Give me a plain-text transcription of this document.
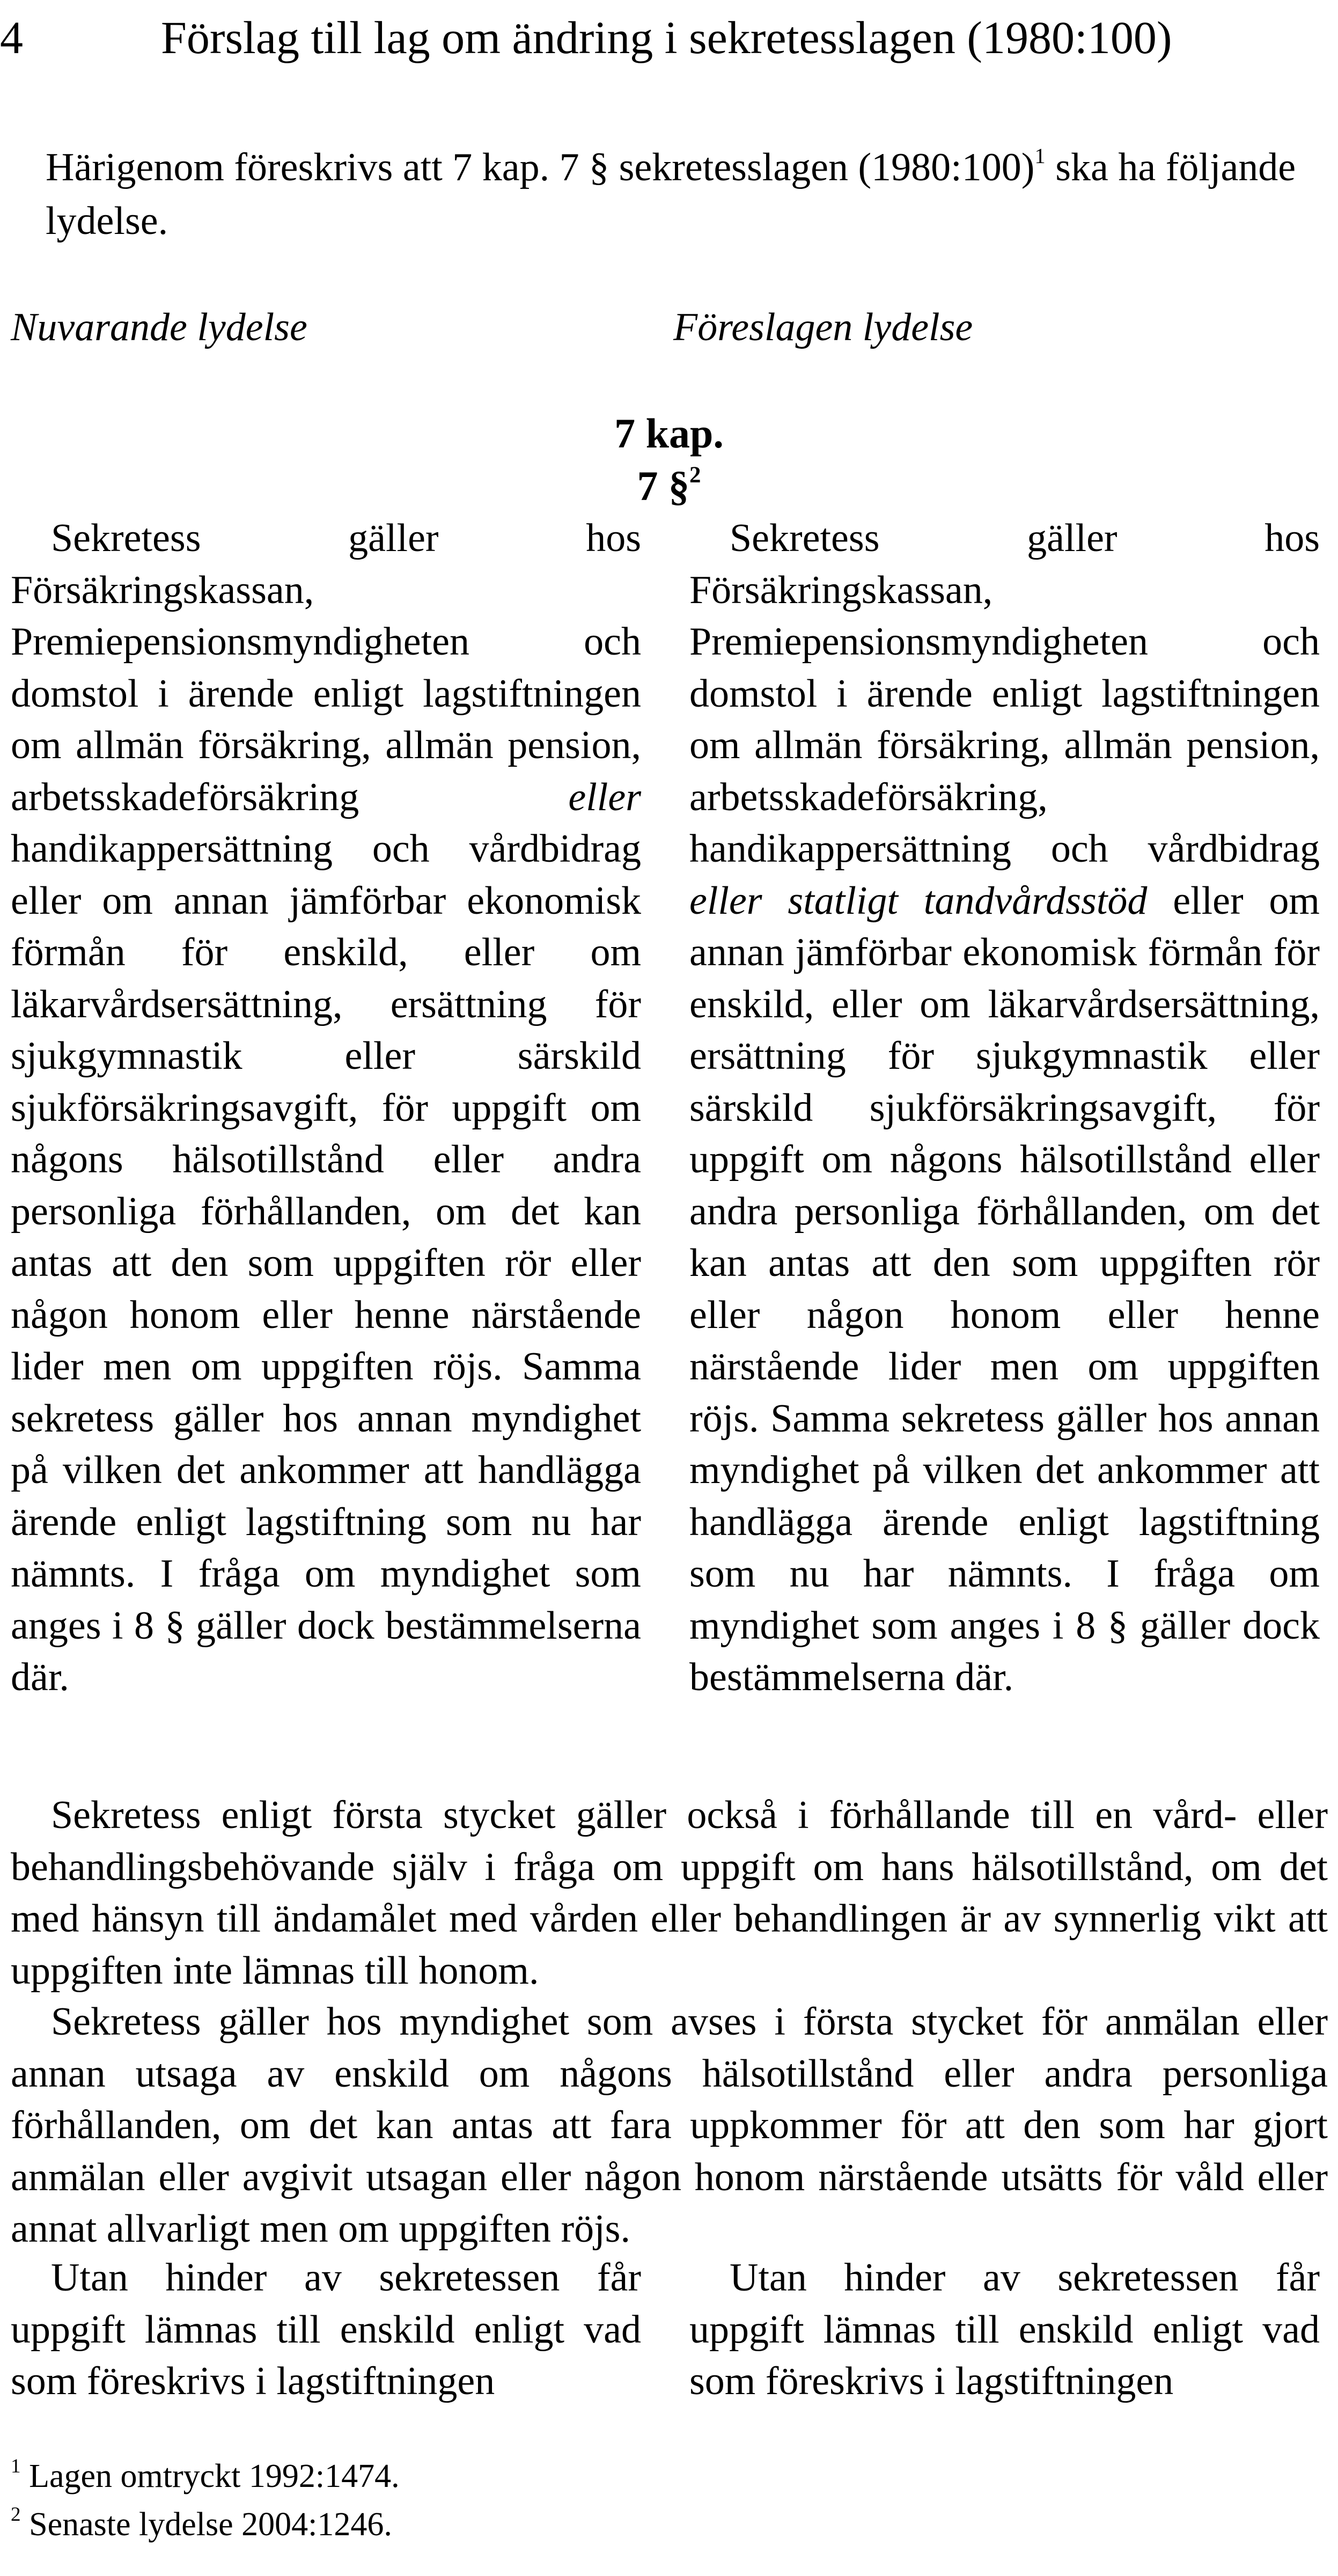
4	Förslag till lag om ändring i sekretesslagen (1980:100)

Härigenom föreskrivs att 7 kap. 7 § sekretesslagen (1980:100)$^1$ ska ha följande lydelse.

Nuvarande lydelse	Föreslagen lydelse
7 kap.
7 §$^2$

Sekretess gäller hos Försäkringskassan, Premiepensionsmyndigheten och domstol i ärende enligt lagstiftningen om allmän försäkring, allmän pension, arbetsskadeförsäkring eller handikappersättning och vårdbidrag eller om annan jämförbar ekonomisk förmån för enskild, eller om läkarvårdsersättning, ersättning för sjukgymnastik eller särskild sjukförsäkringsavgift, för uppgift om någons hälsotillstånd eller andra personliga förhållanden, om det kan antas att den som uppgiften rör eller någon honom eller henne närstående lider men om uppgiften röjs. Samma sekretess gäller hos annan myndighet på vilken det ankommer att handlägga ärende enligt lagstiftning som nu har nämnts. I fråga om myndighet som anges i 8 § gäller dock bestämmelserna där.

Sekretess gäller hos Försäkringskassan, Premiepensionsmyndigheten och domstol i ärende enligt lagstiftningen om allmän försäkring, allmän pension, arbetsskadeförsäkring, handikappersättning och vårdbidrag eller statligt tandvårdsstöd eller om annan jämförbar ekonomisk förmån för enskild, eller om läkarvårdsersättning, ersättning för sjukgymnastik eller särskild sjukförsäkringsavgift, för uppgift om någons hälsotillstånd eller andra personliga förhållanden, om det kan antas att den som uppgiften rör eller någon honom eller henne närstående lider men om uppgiften röjs. Samma sekretess gäller hos annan myndighet på vilken det ankommer att handlägga ärende enligt lagstiftning som nu har nämnts. I fråga om myndighet som anges i 8 § gäller dock bestämmelserna där.

Sekretess enligt första stycket gäller också i förhållande till en vård- eller behandlingsbehövande själv i fråga om uppgift om hans hälsotillstånd, om det med hänsyn till ändamålet med vården eller behandlingen är av synnerlig vikt att uppgiften inte lämnas till honom.

Sekretess gäller hos myndighet som avses i första stycket för anmälan eller annan utsaga av enskild om någons hälsotillstånd eller andra personliga förhållanden, om det kan antas att fara uppkommer för att den som har gjort anmälan eller avgivit utsagan eller någon honom närstående utsätts för våld eller annat allvarligt men om uppgiften röjs.

Utan hinder av sekretessen får uppgift lämnas till enskild enligt vad som föreskrivs i lagstiftningen

Utan hinder av sekretessen får uppgift lämnas till enskild enligt vad som föreskrivs i lagstiftningen

$^1$ Lagen omtryckt 1992:1474.

$^2$ Senaste lydelse 2004:1246.
